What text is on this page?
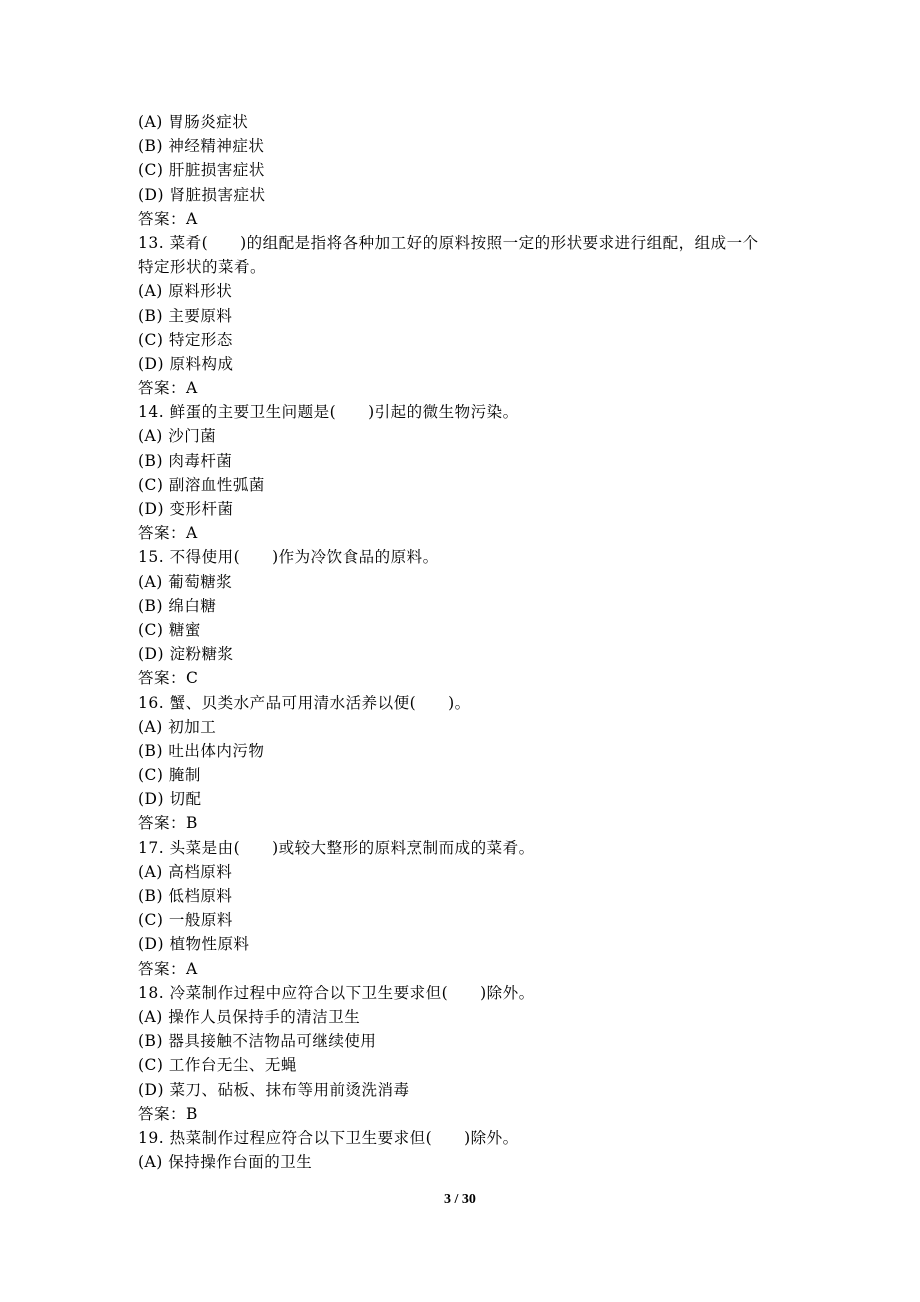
(A) 胃肠炎症状
(B) 神经精神症状
(C) 肝脏损害症状
(D) 肾脏损害症状
答案：A
13. 菜肴(　　)的组配是指将各种加工好的原料按照一定的形状要求进行组配，组成一个
特定形状的菜肴。
(A) 原料形状
(B) 主要原料
(C) 特定形态
(D) 原料构成
答案：A
14. 鲜蛋的主要卫生问题是(　　)引起的微生物污染。
(A) 沙门菌
(B) 肉毒杆菌
(C) 副溶血性弧菌
(D) 变形杆菌
答案：A
15. 不得使用(　　)作为冷饮食品的原料。
(A) 葡萄糖浆
(B) 绵白糖
(C) 糖蜜
(D) 淀粉糖浆
答案：C
16. 蟹、贝类水产品可用清水活养以便(　　)。
(A) 初加工
(B) 吐出体内污物
(C) 腌制
(D) 切配
答案：B
17. 头菜是由(　　)或较大整形的原料烹制而成的菜肴。
(A) 高档原料
(B) 低档原料
(C) 一般原料
(D) 植物性原料
答案：A
18. 冷菜制作过程中应符合以下卫生要求但(　　)除外。
(A) 操作人员保持手的清洁卫生
(B) 器具接触不洁物品可继续使用
(C) 工作台无尘、无蝇
(D) 菜刀、砧板、抹布等用前烫洗消毒
答案：B
19. 热菜制作过程应符合以下卫生要求但(　　)除外。
(A) 保持操作台面的卫生
3 / 30
